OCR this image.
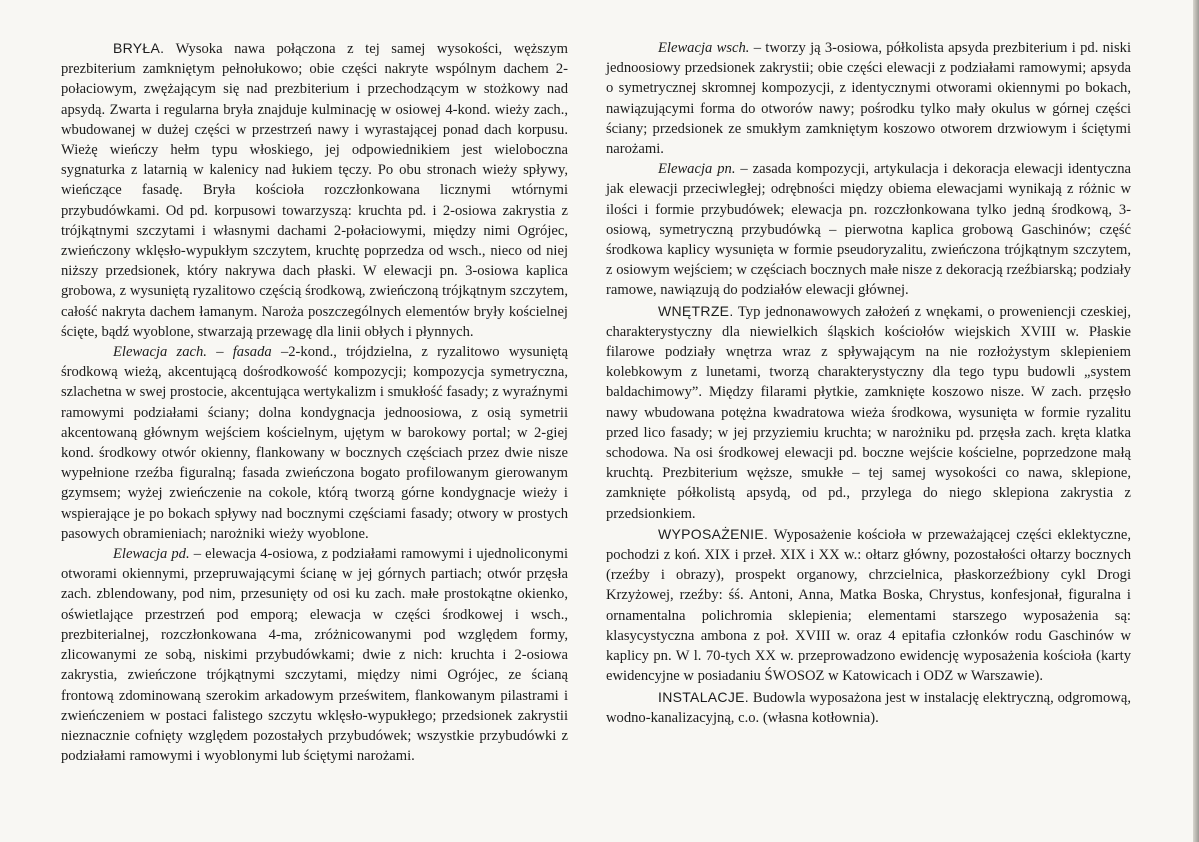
BRYŁA. Wysoka nawa połączona z tej samej wysokości, węższym prezbiterium zamkniętym pełnołukowo; obie części nakryte wspólnym dachem 2-połaciowym, zwężającym się nad prezbiterium i przechodzącym w stożkowy nad apsydą. Zwarta i regularna bryła znajduje kulminację w osiowej 4-kond. wieży zach., wbudowanej w dużej części w przestrzeń nawy i wyrastającej ponad dach korpusu. Wieżę wieńczy hełm typu włoskiego, jej odpowiednikiem jest wieloboczna sygnaturka z latarnią w kalenicy nad łukiem tęczy. Po obu stronach wieży spływy, wieńczące fasadę. Bryła kościoła rozczłonkowana licznymi wtórnymi przybudówkami. Od pd. korpusowi towarzyszą: kruchta pd. i 2-osiowa zakrystia z trójkątnymi szczytami i własnymi dachami 2-połaciowymi, między nimi Ogrójec, zwieńczony wklęsło-wypukłym szczytem, kruchtę poprzedza od wsch., nieco od niej niższy przedsionek, który nakrywa dach płaski. W elewacji pn. 3-osiowa kaplica grobowa, z wysuniętą ryzalitowo częścią środkową, zwieńczoną trójkątnym szczytem, całość nakryta dachem łamanym. Naroża poszczególnych elementów bryły kościelnej ścięte, bądź wyoblone, stwarzają przewagę dla linii obłych i płynnych.

Elewacja zach. – fasada –2-kond., trójdzielna, z ryzalitowo wysuniętą środkową wieżą, akcentującą dośrodkowość kompozycji; kompozycja symetryczna, szlachetna w swej prostocie, akcentująca wertykalizm i smukłość fasady; z wyraźnymi ramowymi podziałami ściany; dolna kondygnacja jednoosiowa, z osią symetrii akcentowaną głównym wejściem kościelnym, ujętym w barokowy portal; w 2-giej kond. środkowy otwór okienny, flankowany w bocznych częściach przez dwie nisze wypełnione rzeźba figuralną; fasada zwieńczona bogato profilowanym gierowanym gzymsem; wyżej zwieńczenie na cokole, którą tworzą górne kondygnacje wieży i wspierające je po bokach spływy nad bocznymi częściami fasady; otwory w prostych pasowych obramieniach; narożniki wieży wyoblone.

Elewacja pd. – elewacja 4-osiowa, z podziałami ramowymi i ujednoliconymi otworami okiennymi, przepruwającymi ścianę w jej górnych partiach; otwór przęsła zach. zblendowany, pod nim, przesunięty od osi ku zach. małe prostokątne okienko, oświetlające przestrzeń pod emporą; elewacja w części środkowej i wsch., prezbiterialnej, rozczłonkowana 4-ma, zróżnicowanymi pod względem formy, zlicowanymi ze sobą, niskimi przybudówkami; dwie z nich: kruchta i 2-osiowa zakrystia, zwieńczone trójkątnymi szczytami, między nimi Ogrójec, ze ścianą frontową zdominowaną szerokim arkadowym prześwitem, flankowanym pilastrami i zwieńczeniem w postaci falistego szczytu wklęsło-wypukłego; przedsionek zakrystii nieznacznie cofnięty względem pozostałych przybudówek; wszystkie przybudówki z podziałami ramowymi i wyoblonymi lub ściętymi narożami.

Elewacja wsch. – tworzy ją 3-osiowa, półkolista apsyda prezbiterium i pd. niski jednoosiowy przedsionek zakrystii; obie części elewacji z podziałami ramowymi; apsyda o symetrycznej skromnej kompozycji, z identycznymi otworami okiennymi po bokach, nawiązującymi forma do otworów nawy; pośrodku tylko mały okulus w górnej części ściany; przedsionek ze smukłym zamkniętym koszowo otworem drzwiowym i ściętymi narożami.

Elewacja pn. – zasada kompozycji, artykulacja i dekoracja elewacji identyczna jak elewacji przeciwległej; odrębności między obiema elewacjami wynikają z różnic w ilości i formie przybudówek; elewacja pn. rozczłonkowana tylko jedną środkową, 3-osiową, symetryczną przybudówką – pierwotna kaplica grobową Gaschinów; część środkowa kaplicy wysunięta w formie pseudoryzalitu, zwieńczona trójkątnym szczytem, z osiowym wejściem; w częściach bocznych małe nisze z dekoracją rzeźbiarską; podziały ramowe, nawiązują do podziałów elewacji głównej.

WNĘTRZE. Typ jednonawowych założeń z wnękami, o proweniencji czeskiej, charakterystyczny dla niewielkich śląskich kościołów wiejskich XVIII w. Płaskie filarowe podziały wnętrza wraz z spływającym na nie rozłożystym sklepieniem kolebkowym z lunetami, tworzą charakterystyczny dla tego typu budowli „system baldachimowy”. Między filarami płytkie, zamknięte koszowo nisze. W zach. przęsło nawy wbudowana potężna kwadratowa wieża środkowa, wysunięta w formie ryzalitu przed lico fasady; w jej przyziemiu kruchta; w narożniku pd. przęsła zach. kręta klatka schodowa. Na osi środkowej elewacji pd. boczne wejście kościelne, poprzedzone małą kruchtą. Prezbiterium węższe, smukłe – tej samej wysokości co nawa, sklepione, zamknięte półkolistą apsydą, od pd., przylega do niego sklepiona zakrystia z przedsionkiem.

WYPOSAŻENIE. Wyposażenie kościoła w przeważającej części eklektyczne, pochodzi z koń. XIX i przeł. XIX i XX w.: ołtarz główny, pozostałości ołtarzy bocznych (rzeźby i obrazy), prospekt organowy, chrzcielnica, płaskorzeźbiony cykl Drogi Krzyżowej, rzeźby: śś. Antoni, Anna, Matka Boska, Chrystus, konfesjonał, figuralna i ornamentalna polichromia sklepienia; elementami starszego wyposażenia są: klasycystyczna ambona z poł. XVIII w. oraz 4 epitafia członków rodu Gaschinów w kaplicy pn. W l. 70-tych XX w. przeprowadzono ewidencję wyposażenia kościoła (karty ewidencyjne w posiadaniu ŚWOSOZ w Katowicach i ODZ w Warszawie).

INSTALACJE. Budowla wyposażona jest w instalację elektryczną, odgromową, wodno-kanalizacyjną, c.o. (własna kotłownia).
